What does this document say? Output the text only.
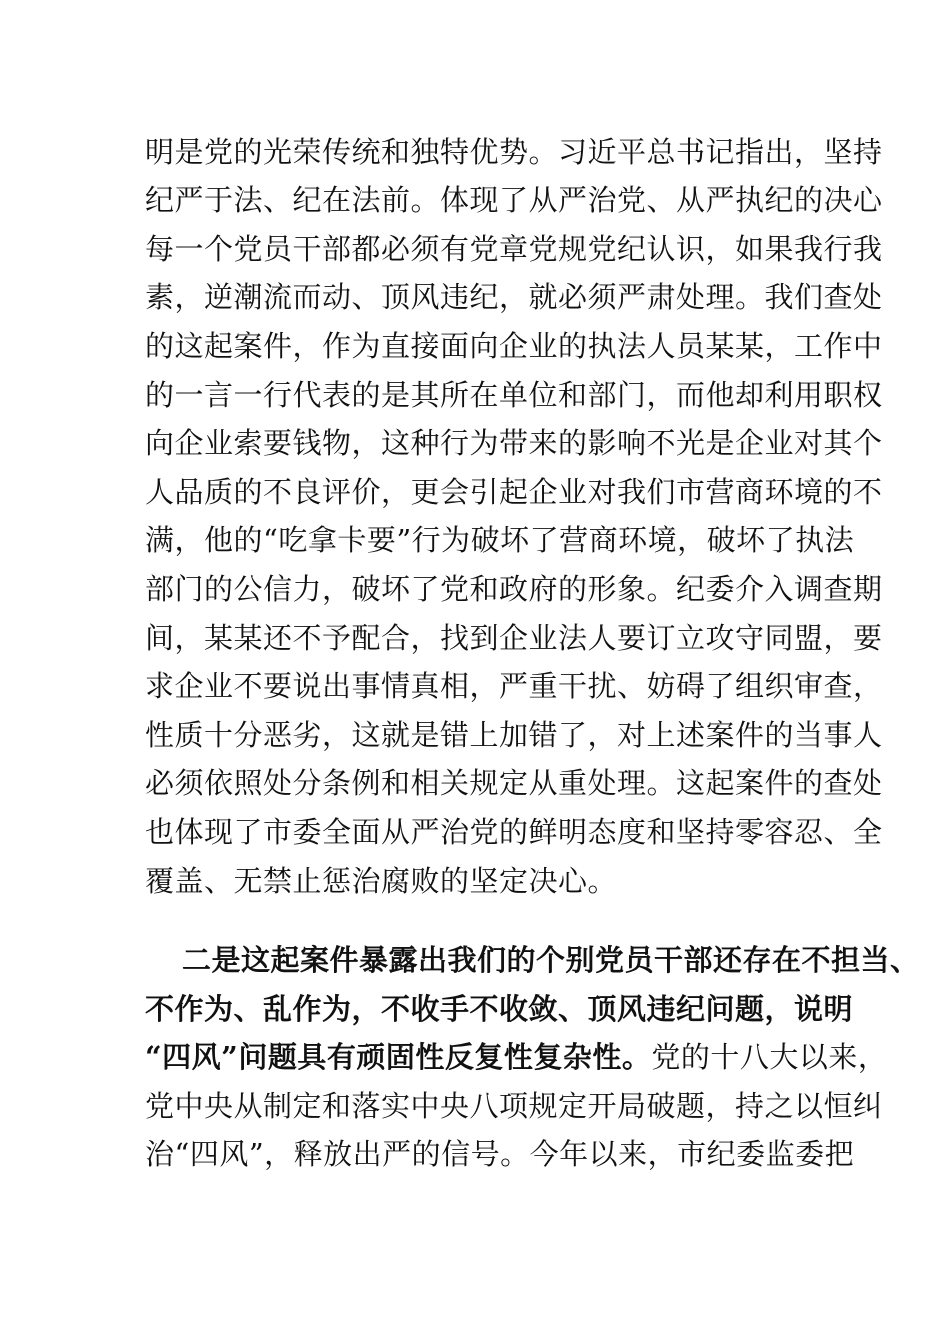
明是党的光荣传统和独特优势。习近平总书记指出，坚持
纪严于法、纪在法前。体现了从严治党、从严执纪的决心
每一个党员干部都必须有党章党规党纪认识，如果我行我
素，逆潮流而动、顶风违纪，就必须严肃处理。我们查处
的这起案件，作为直接面向企业的执法人员某某，工作中
的一言一行代表的是其所在单位和部门，而他却利用职权
向企业索要钱物，这种行为带来的影响不光是企业对其个
人品质的不良评价，更会引起企业对我们市营商环境的不
满，他的“吃拿卡要”行为破坏了营商环境，破坏了执法
部门的公信力，破坏了党和政府的形象。纪委介入调查期
间，某某还不予配合，找到企业法人要订立攻守同盟，要
求企业不要说出事情真相，严重干扰、妨碍了组织审查，
性质十分恶劣，这就是错上加错了，对上述案件的当事人
必须依照处分条例和相关规定从重处理。这起案件的查处
也体现了市委全面从严治党的鲜明态度和坚持零容忍、全
覆盖、无禁止惩治腐败的坚定决心。
二是这起案件暴露出我们的个别党员干部还存在不担当、
不作为、乱作为，不收手不收敛、顶风违纪问题，说明
“四风”问题具有顽固性反复性复杂性。党的十八大以来，
党中央从制定和落实中央八项规定开局破题，持之以恒纠
治“四风”，释放出严的信号。今年以来，市纪委监委把
